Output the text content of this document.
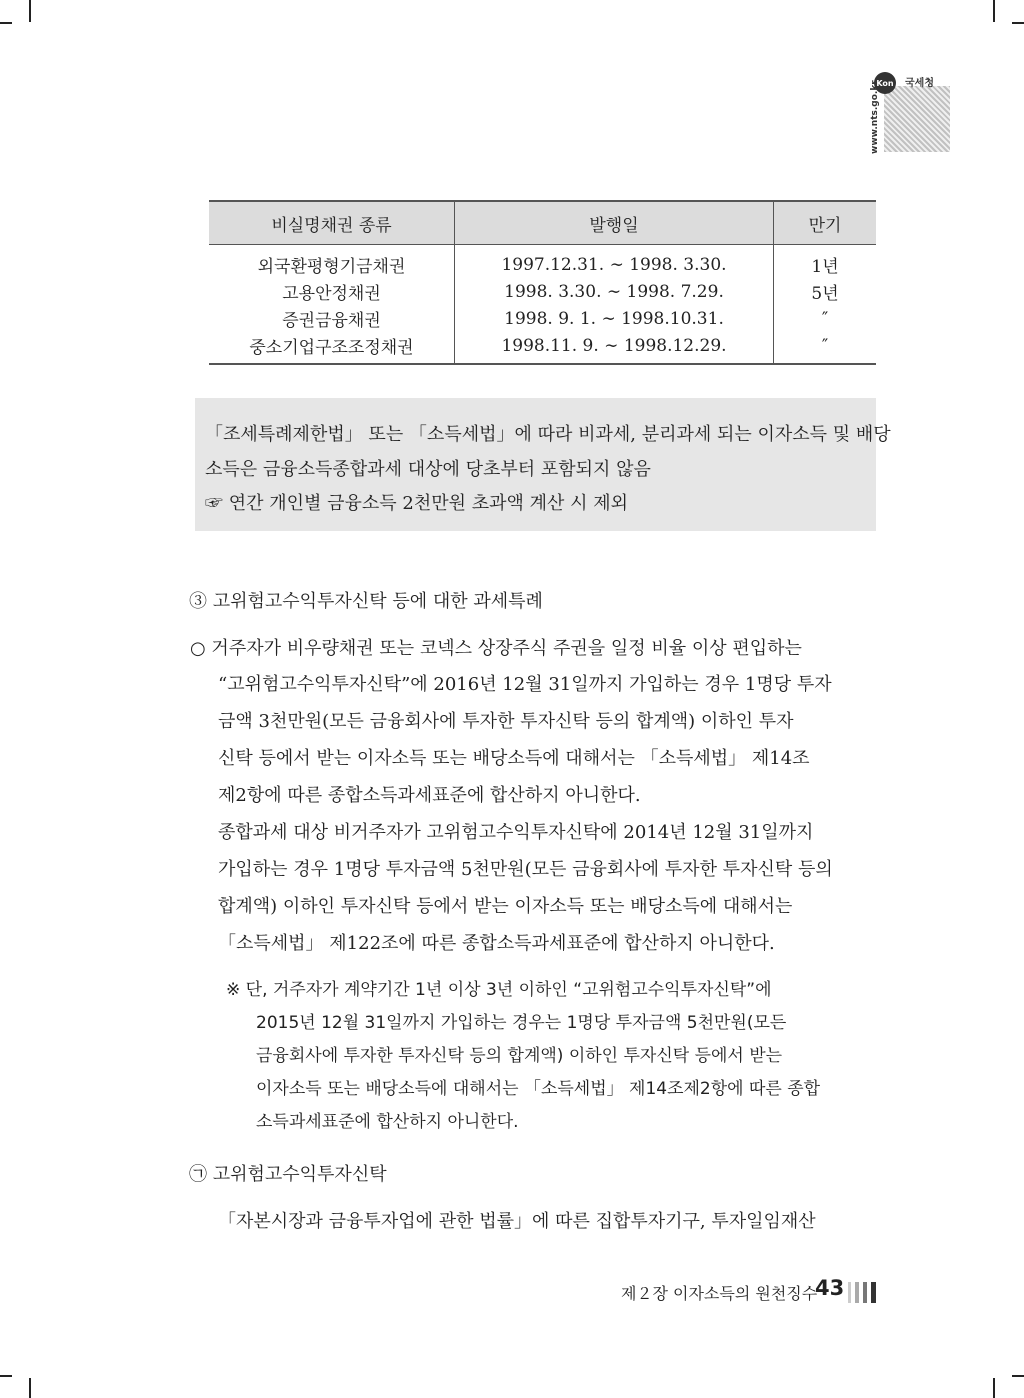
Kon 국세청
www.nts.go.kr
비실명채권 종류	발행일	만기
외국환평형기금채권	1997.12.31. ∼ 1998. 3.30.	1년
고용안정채권	1998. 3.30. ∼ 1998. 7.29.	5년
증권금융채권	1998. 9. 1. ∼ 1998.10.31.	″
중소기업구조조정채권	1998.11. 9. ∼ 1998.12.29.	″

「조세특례제한법」 또는 「소득세법」에 따라 비과세, 분리과세 되는 이자소득 및 배당

소득은 금융소득종합과세 대상에 당초부터 포함되지 않음

☞ 연간 개인별 금융소득 2천만원 초과액 계산 시 제외

③ 고위험고수익투자신탁 등에 대한 과세특례
○ 거주자가 비우량채권 또는 코넥스 상장주식 주권을 일정 비율 이상 편입하는
“고위험고수익투자신탁”에 2016년 12월 31일까지 가입하는 경우 1명당 투자
금액 3천만원(모든 금융회사에 투자한 투자신탁 등의 합계액) 이하인 투자
신탁 등에서 받는 이자소득 또는 배당소득에 대해서는 「소득세법」 제14조
제2항에 따른 종합소득과세표준에 합산하지 아니한다.
종합과세 대상 비거주자가 고위험고수익투자신탁에 2014년 12월 31일까지
가입하는 경우 1명당 투자금액 5천만원(모든 금융회사에 투자한 투자신탁 등의
합계액) 이하인 투자신탁 등에서 받는 이자소득 또는 배당소득에 대해서는
「소득세법」 제122조에 따른 종합소득과세표준에 합산하지 아니한다.
※ 단, 거주자가 계약기간 1년 이상 3년 이하인 “고위험고수익투자신탁”에
2015년 12월 31일까지 가입하는 경우는 1명당 투자금액 5천만원(모든
금융회사에 투자한 투자신탁 등의 합계액) 이하인 투자신탁 등에서 받는
이자소득 또는 배당소득에 대해서는 「소득세법」 제14조제2항에 따른 종합
소득과세표준에 합산하지 아니한다.
㉠ 고위험고수익투자신탁
「자본시장과 금융투자업에 관한 법률」에 따른 집합투자기구, 투자일임재산
제２장 이자소득의 원천징수
43
